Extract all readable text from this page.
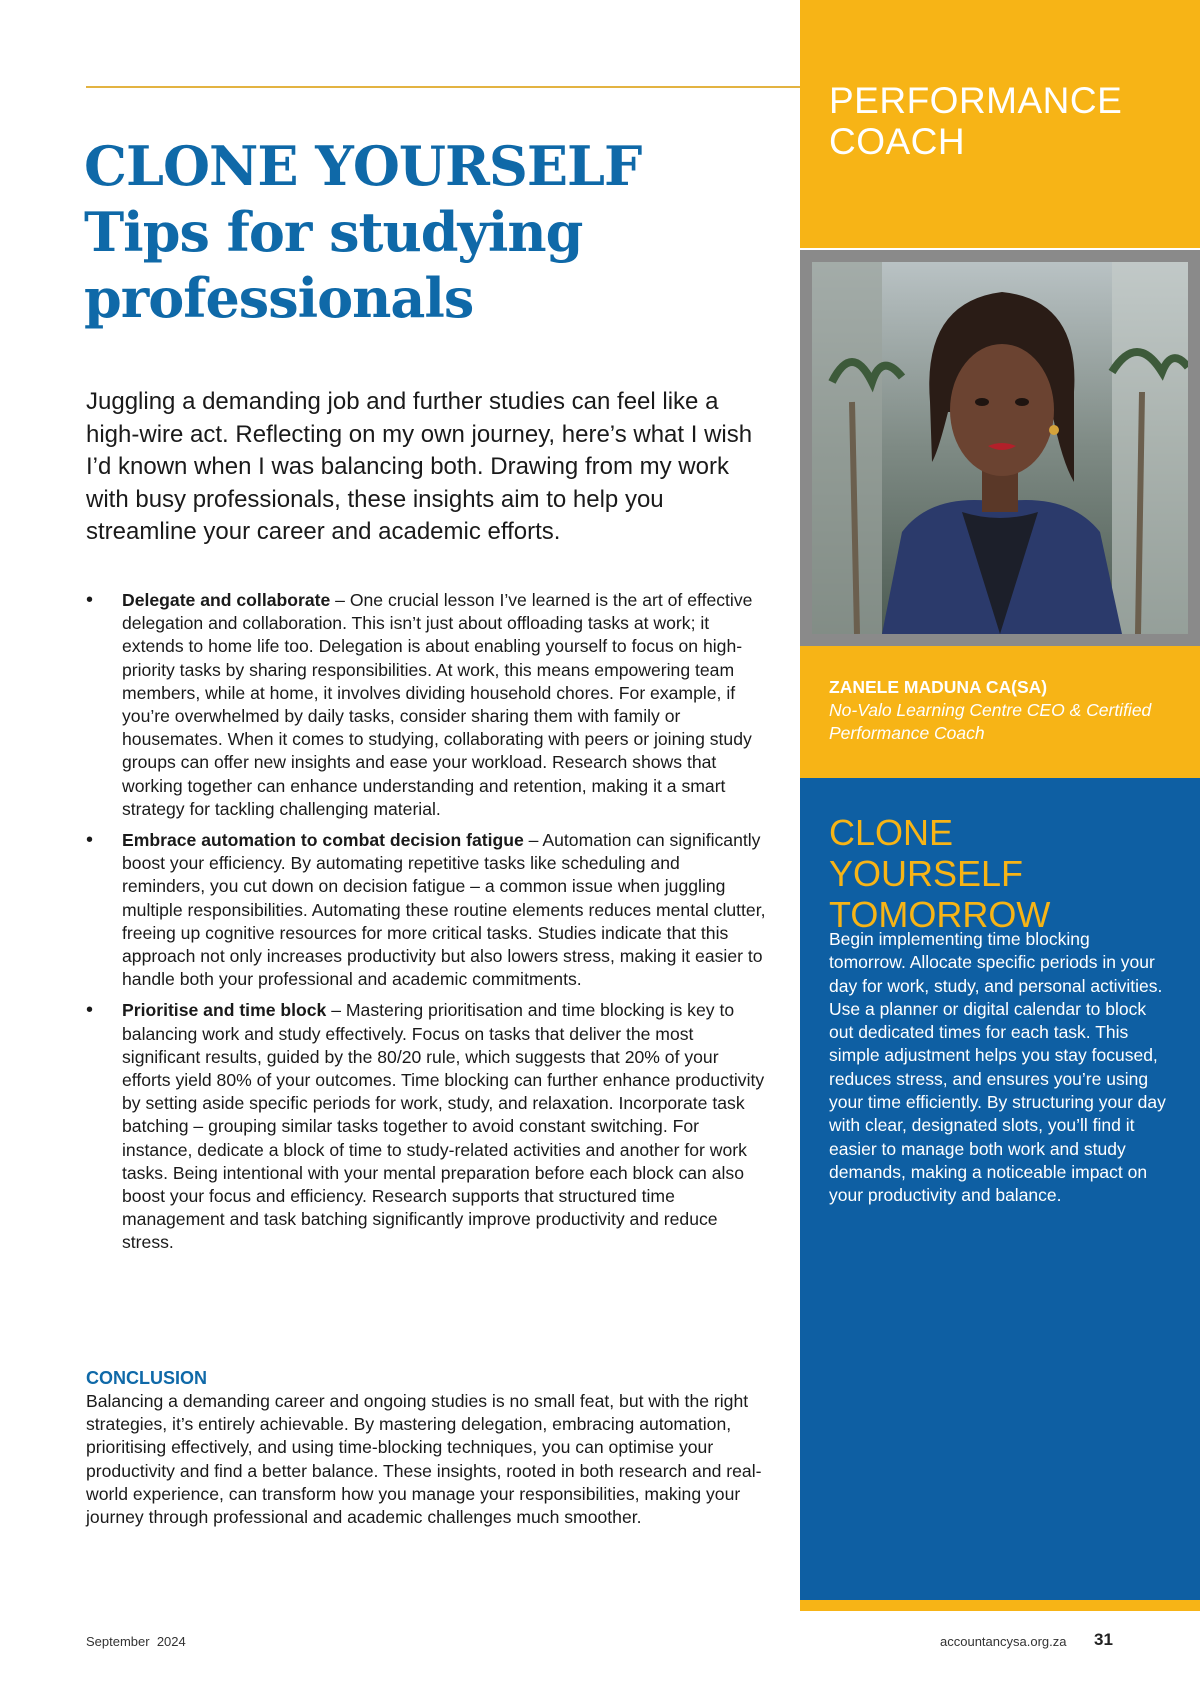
CLONE YOURSELF
Tips for studying professionals

Juggling a demanding job and further studies can feel like a high-wire act. Reflecting on my own journey, here’s what I wish I’d known when I was balancing both. Drawing from my work with busy professionals, these insights aim to help you streamline your career and academic efforts.

• Delegate and collaborate – One crucial lesson I’ve learned is the art of effective delegation and collaboration. This isn’t just about offloading tasks at work; it extends to home life too. Delegation is about enabling yourself to focus on high-priority tasks by sharing responsibilities. At work, this means empowering team members, while at home, it involves dividing household chores. For example, if you’re overwhelmed by daily tasks, consider sharing them with family or housemates. When it comes to studying, collaborating with peers or joining study groups can offer new insights and ease your workload. Research shows that working together can enhance understanding and retention, making it a smart strategy for tackling challenging material.
• Embrace automation to combat decision fatigue – Automation can significantly boost your efficiency. By automating repetitive tasks like scheduling and reminders, you cut down on decision fatigue – a common issue when juggling multiple responsibilities. Automating these routine elements reduces mental clutter, freeing up cognitive resources for more critical tasks. Studies indicate that this approach not only increases productivity but also lowers stress, making it easier to handle both your professional and academic commitments.
• Prioritise and time block – Mastering prioritisation and time blocking is key to balancing work and study effectively. Focus on tasks that deliver the most significant results, guided by the 80/20 rule, which suggests that 20% of your efforts yield 80% of your outcomes. Time blocking can further enhance productivity by setting aside specific periods for work, study, and relaxation. Incorporate task batching – grouping similar tasks together to avoid constant switching. For instance, dedicate a block of time to study-related activities and another for work tasks. Being intentional with your mental preparation before each block can also boost your focus and efficiency. Research supports that structured time management and task batching significantly improve productivity and reduce stress.
CONCLUSION

Balancing a demanding career and ongoing studies is no small feat, but with the right strategies, it’s entirely achievable. By mastering delegation, embracing automation, prioritising effectively, and using time-blocking techniques, you can optimise your productivity and find a better balance. These insights, rooted in both research and real-world experience, can transform how you manage your responsibilities, making your journey through professional and academic challenges much smoother.

PERFORMANCE COACH
ZANELE MADUNA CA(SA)
No-Valo Learning Centre CEO & Certified Performance Coach
CLONE YOURSELF TOMORROW

Begin implementing time blocking tomorrow. Allocate specific periods in your day for work, study, and personal activities. Use a planner or digital calendar to block out dedicated times for each task. This simple adjustment helps you stay focused, reduces stress, and ensures you’re using your time efficiently. By structuring your day with clear, designated slots, you’ll find it easier to manage both work and study demands, making a noticeable impact on your productivity and balance.

September  2024	accountancysa.org.za 31
